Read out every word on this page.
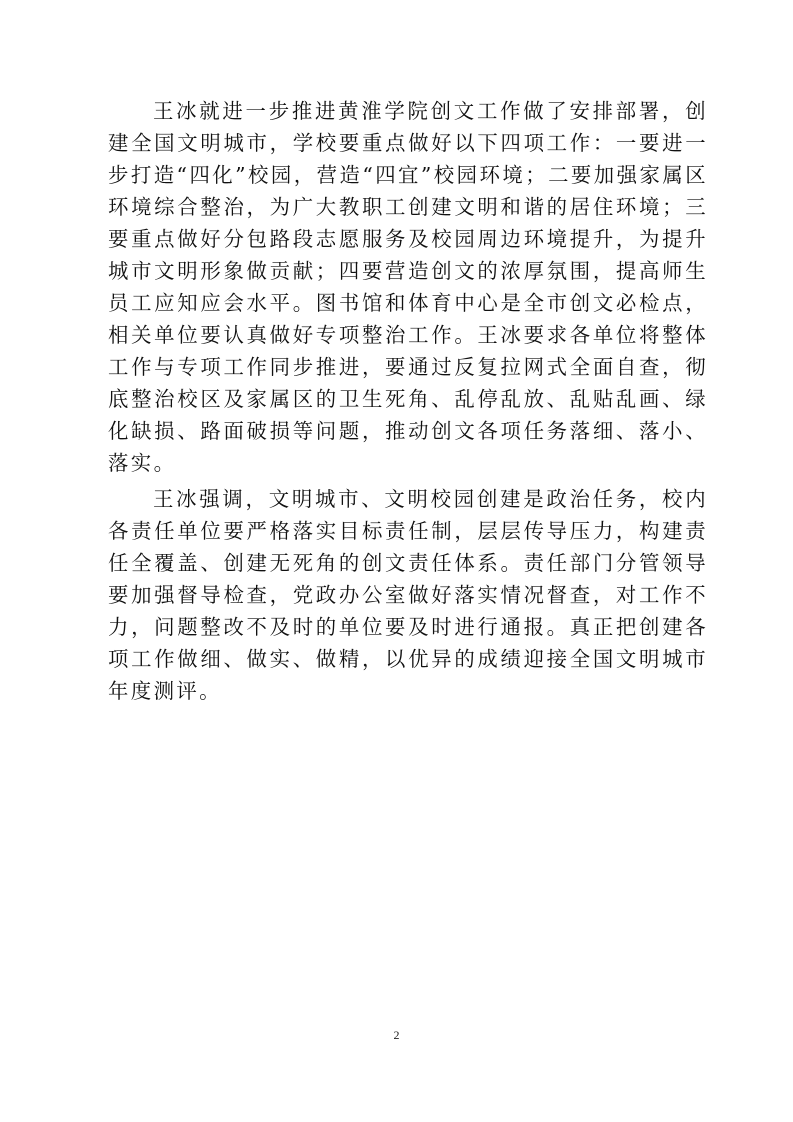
王冰就进一步推进黄淮学院创文工作做了安排部署，创建全国文明城市，学校要重点做好以下四项工作：一要进一步打造“四化”校园，营造“四宜”校园环境；二要加强家属区环境综合整治，为广大教职工创建文明和谐的居住环境；三要重点做好分包路段志愿服务及校园周边环境提升，为提升城市文明形象做贡献；四要营造创文的浓厚氛围，提高师生员工应知应会水平。图书馆和体育中心是全市创文必检点，相关单位要认真做好专项整治工作。王冰要求各单位将整体工作与专项工作同步推进，要通过反复拉网式全面自查，彻底整治校区及家属区的卫生死角、乱停乱放、乱贴乱画、绿化缺损、路面破损等问题，推动创文各项任务落细、落小、落实。

王冰强调，文明城市、文明校园创建是政治任务，校内各责任单位要严格落实目标责任制，层层传导压力，构建责任全覆盖、创建无死角的创文责任体系。责任部门分管领导要加强督导检查，党政办公室做好落实情况督查，对工作不力，问题整改不及时的单位要及时进行通报。真正把创建各项工作做细、做实、做精，以优异的成绩迎接全国文明城市年度测评。

2
